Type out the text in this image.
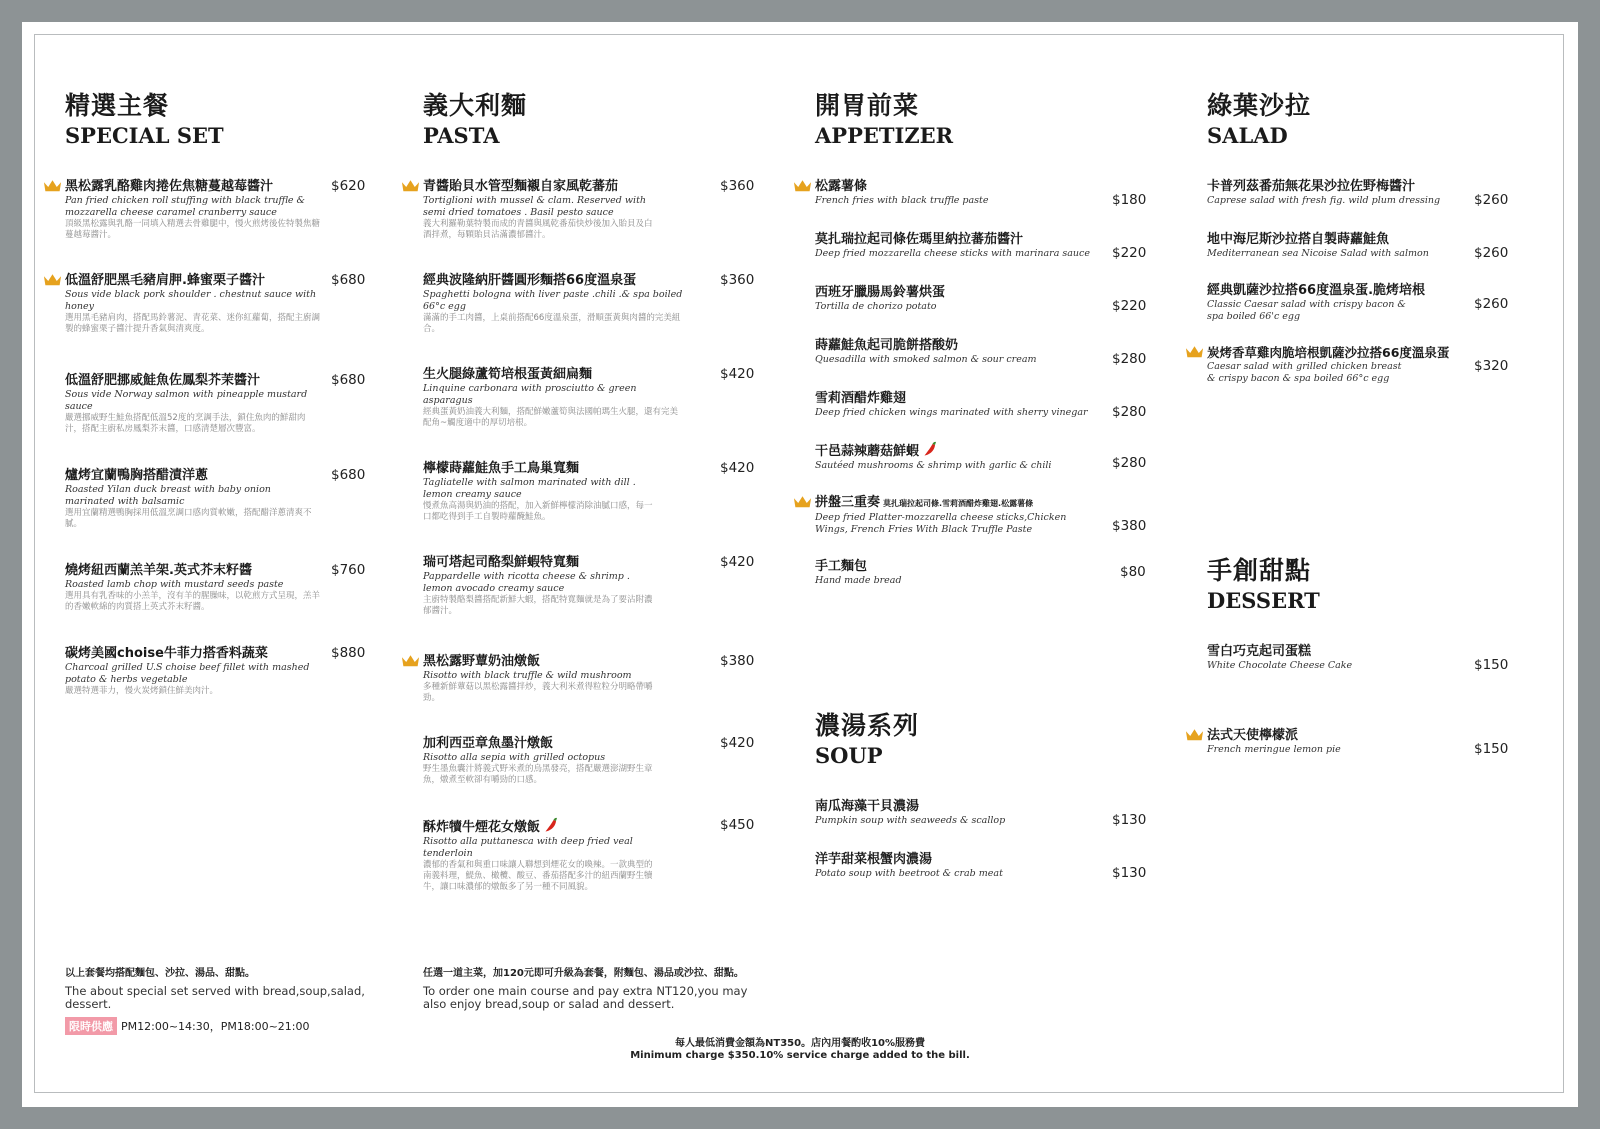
精選主餐
SPECIAL SET
黑松露乳酪雞肉捲佐焦糖蔓越莓醬汁
Pan fried chicken roll stuffing with black truffle & mozzarella cheese caramel cranberry sauce
頂級黑松露與乳酪一同填入精選去骨雞腿中，慢火煎烤後佐特製焦糖蔓越莓醬汁。
$620
低溫舒肥黑毛豬肩胛.蜂蜜栗子醬汁
Sous vide black pork shoulder . chestnut sauce with honey
選用黑毛豬肩肉，搭配馬鈴薯泥、青花菜、迷你紅蘿蔔，搭配主廚調製的蜂蜜栗子醬汁提升香氣與清爽度。
$680
低溫舒肥挪威鮭魚佐鳳梨芥茉醬汁
Sous vide Norway salmon with pineapple mustard sauce
嚴選挪威野生鮭魚搭配低溫52度的烹調手法，鎖住魚肉的鮮甜肉汁，搭配主廚私房鳳梨芥末醬，口感清楚層次豐富。
$680
爐烤宜蘭鴨胸搭醋漬洋蔥
Roasted Yilan duck breast with baby onion marinated with balsamic
選用宜蘭精選鴨胸採用低溫烹調口感肉質軟嫩，搭配醋洋蔥清爽不膩。
$680
燒烤紐西蘭羔羊架.英式芥末籽醬
Roasted lamb chop with mustard seeds paste
選用具有乳香味的小羔羊，沒有羊的腥臊味，以乾煎方式呈現，羔羊的香嫩軟綿的肉質搭上英式芥末籽醬。
$760
碳烤美國choise牛菲力搭香料蔬菜
Charcoal grilled U.S choise beef fillet with mashed potato & herbs vegetable
嚴選特選菲力，慢火炭烤鎖住鮮美肉汁。
$880
以上套餐均搭配麵包、沙拉、湯品、甜點。
The about special set served with bread,soup,salad, dessert.
限時供應 PM12:00~14:30，PM18:00~21:00
義大利麵
PASTA
青醬貽貝水管型麵襯自家風乾蕃茄
Tortiglioni with mussel & clam. Reserved with semi dried tomatoes . Basil pesto sauce
義大利羅勒葉特製而成的青醬與風乾番茄快炒後加入貽貝及白酒拌煮，每顆貽貝沾滿濃郁醬汁。
$360
經典波隆納肝醬圓形麵搭66度溫泉蛋
Spaghetti bologna with liver paste .chili .& spa boiled 66°c egg
滿滿的手工肉醬，上桌前搭配66度溫泉蛋，滑順蛋黃與肉醬的完美組合。
$360
生火腿綠蘆筍培根蛋黃細扁麵
Linquine carbonara with prosciutto & green asparagus
經典蛋黃奶油義大利麵，搭配鮮嫩蘆筍與法國帕瑪生火腿，還有完美配角~觸度適中的厚切培根。
$420
檸檬蒔蘿鮭魚手工鳥巢寬麵
Tagliatelle with salmon marinated with dill . lemon creamy sauce
慢煮魚高湯與奶油的搭配，加入新鮮檸檬消除油膩口感，每一口都吃得到手工自製時蘿醃鮭魚。
$420
瑞可塔起司酪梨鮮蝦特寬麵
Pappardelle with ricotta cheese & shrimp . lemon avocado creamy sauce
主廚特製酪梨醬搭配新鮮大蝦，搭配特寬麵就是為了要沾附濃郁醬汁。
$420
黑松露野蕈奶油燉飯
Risotto with black truffle & wild mushroom
多種新鮮蕈菇以黑松露醬拌炒，義大利米煮得粒粒分明略帶嚼勁。
$380
加利西亞章魚墨汁燉飯
Risotto alla sepia with grilled octopus
野生墨魚囊汁將義式野米煮的烏黑發亮，搭配嚴選澎湖野生章魚，燉煮至軟卻有嚼勁的口感。
$420
酥炸犢牛煙花女燉飯
Risotto alla puttanesca with deep fried veal tenderloin
濃郁的香氣和與重口味讓人聯想到煙花女的喚辣。一款典型的南義料理，鯷魚、橄欖、酸豆、番茄搭配多汁的紐西蘭野生犢牛，讓口味濃郁的燉飯多了另一種不同風貌。
$450
任選一道主菜，加120元即可升級為套餐，附麵包、湯品或沙拉、甜點。
To order one main course and pay extra NT120,you may also enjoy bread,soup or salad and dessert.
開胃前菜
APPETIZER
松露薯條
French fries with black truffle paste	$180
莫扎瑞拉起司條佐瑪里納拉蕃茄醬汁
Deep fried mozzarella cheese sticks with marinara sauce	$220
西班牙臘腸馬鈴薯烘蛋
Tortilla de chorizo potato	$220
蒔蘿鮭魚起司脆餅搭酸奶
Quesadilla with smoked salmon & sour cream	$280
雪莉酒醋炸雞翅
Deep fried chicken wings marinated with sherry vinegar	$280
干邑蒜辣蘑菇鮮蝦
Sautéed mushrooms & shrimp with garlic & chili	$280
拼盤三重奏 莫扎瑞拉起司條.雪莉酒醋炸雞翅.松露薯條
Deep fried Platter-mozzarella cheese sticks,Chicken Wings, French Fries With Black Truffle Paste	$380
手工麵包
Hand made bread
$80
濃湯系列
SOUP
南瓜海藻干貝濃湯
Pumpkin soup with seaweeds & scallop	$130
洋芋甜菜根蟹肉濃湯
Potato soup with beetroot & crab meat	$130
綠葉沙拉
SALAD
卡普列茲番茄無花果沙拉佐野梅醬汁
Caprese salad with fresh fig. wild plum dressing	$260
地中海尼斯沙拉搭自製蒔蘿鮭魚
Mediterranean sea Nicoise Salad with salmon	$260
經典凱薩沙拉搭66度溫泉蛋.脆烤培根
Classic Caesar salad with crispy bacon & spa boiled 66'c egg
$260
炭烤香草雞肉脆培根凱薩沙拉搭66度溫泉蛋
Caesar salad with grilled chicken breast & crispy bacon & spa boiled 66°c egg
$320
手創甜點
DESSERT
雪白巧克起司蛋糕
White Chocolate Cheese Cake	$150
法式天使檸檬派
French meringue lemon pie	$150
每人最低消費金額為NT350。店內用餐酌收10%服務費
Minimum charge $350.10% service charge added to the bill.
